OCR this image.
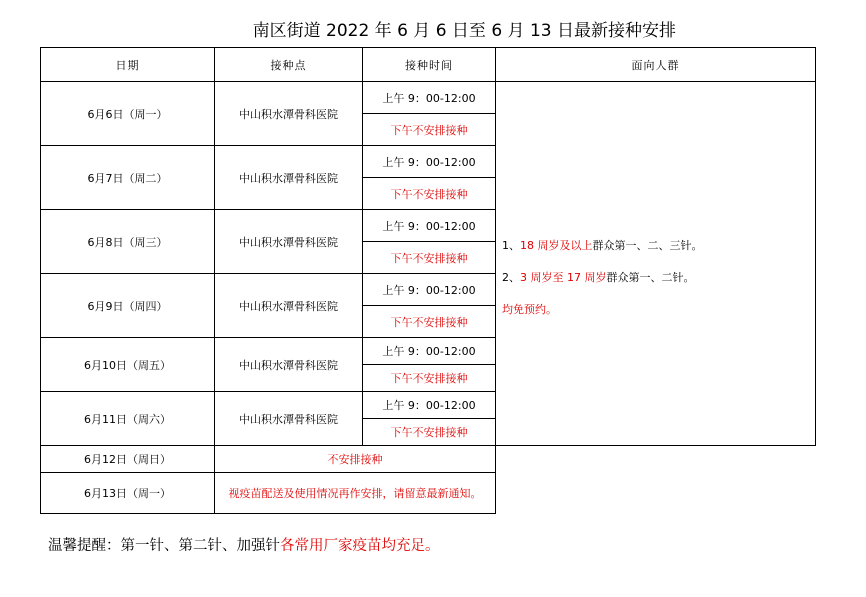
南区街道 2022 年 6 月 6 日至 6 月 13 日最新接种安排
日期	接种点	接种时间	面向人群
6月6日（周一）	中山积水潭骨科医院	上午 9：00-12:00	1、18 周岁及以上群众第一、二、三针。
2、3 周岁至 17 周岁群众第一、二针。
均免预约。

		下午不安排接种	
6月7日（周二）	中山积水潭骨科医院	上午 9：00-12:00	
		下午不安排接种	
6月8日（周三）	中山积水潭骨科医院	上午 9：00-12:00	
		下午不安排接种	
6月9日（周四）	中山积水潭骨科医院	上午 9：00-12:00	
		下午不安排接种	
6月10日（周五）	中山积水潭骨科医院	上午 9：00-12:00	
		下午不安排接种	
6月11日（周六）	中山积水潭骨科医院	上午 9：00-12:00	
		下午不安排接种	
6月12日（周日）	不安排接种		
6月13日（周一）	视疫苗配送及使用情况再作安排，请留意最新通知。		
温馨提醒：第一针、第二针、加强针各常用厂家疫苗均充足。
